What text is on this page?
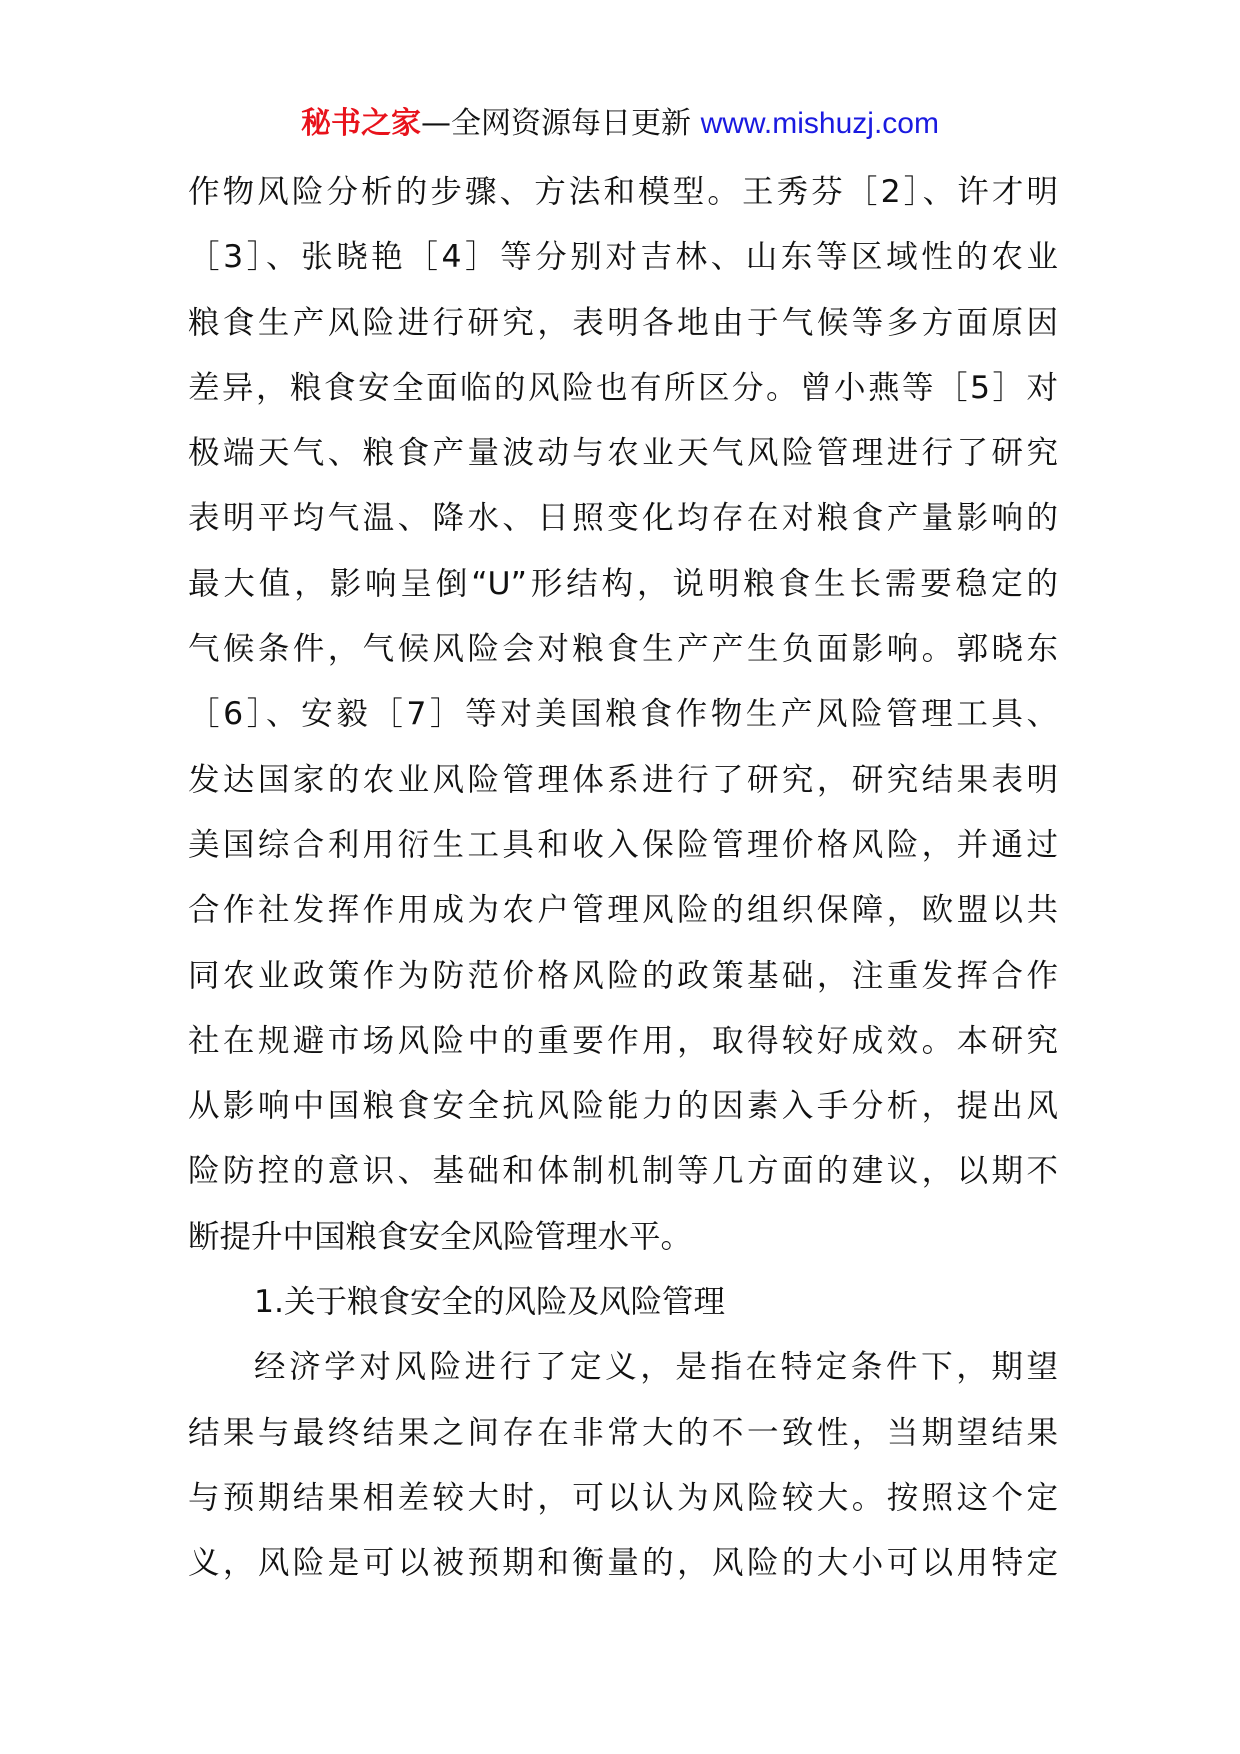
秘书之家—全网资源每日更新 www.mishuzj.com
作物风险分析的步骤、方法和模型。王秀芬［2］、许才明
［3］、张晓艳［4］等分别对吉林、山东等区域性的农业
粮食生产风险进行研究，表明各地由于气候等多方面原因
差异，粮食安全面临的风险也有所区分。曾小燕等［5］对
极端天气、粮食产量波动与农业天气风险管理进行了研究
表明平均气温、降水、日照变化均存在对粮食产量影响的
最大值，影响呈倒“U”形结构，说明粮食生长需要稳定的
气候条件，气候风险会对粮食生产产生负面影响。郭晓东
［6］、安毅［7］等对美国粮食作物生产风险管理工具、
发达国家的农业风险管理体系进行了研究，研究结果表明
美国综合利用衍生工具和收入保险管理价格风险，并通过
合作社发挥作用成为农户管理风险的组织保障，欧盟以共
同农业政策作为防范价格风险的政策基础，注重发挥合作
社在规避市场风险中的重要作用，取得较好成效。本研究
从影响中国粮食安全抗风险能力的因素入手分析，提出风
险防控的意识、基础和体制机制等几方面的建议，以期不
断提升中国粮食安全风险管理水平。
1.关于粮食安全的风险及风险管理
经济学对风险进行了定义，是指在特定条件下，期望
结果与最终结果之间存在非常大的不一致性，当期望结果
与预期结果相差较大时，可以认为风险较大。按照这个定
义，风险是可以被预期和衡量的，风险的大小可以用特定
